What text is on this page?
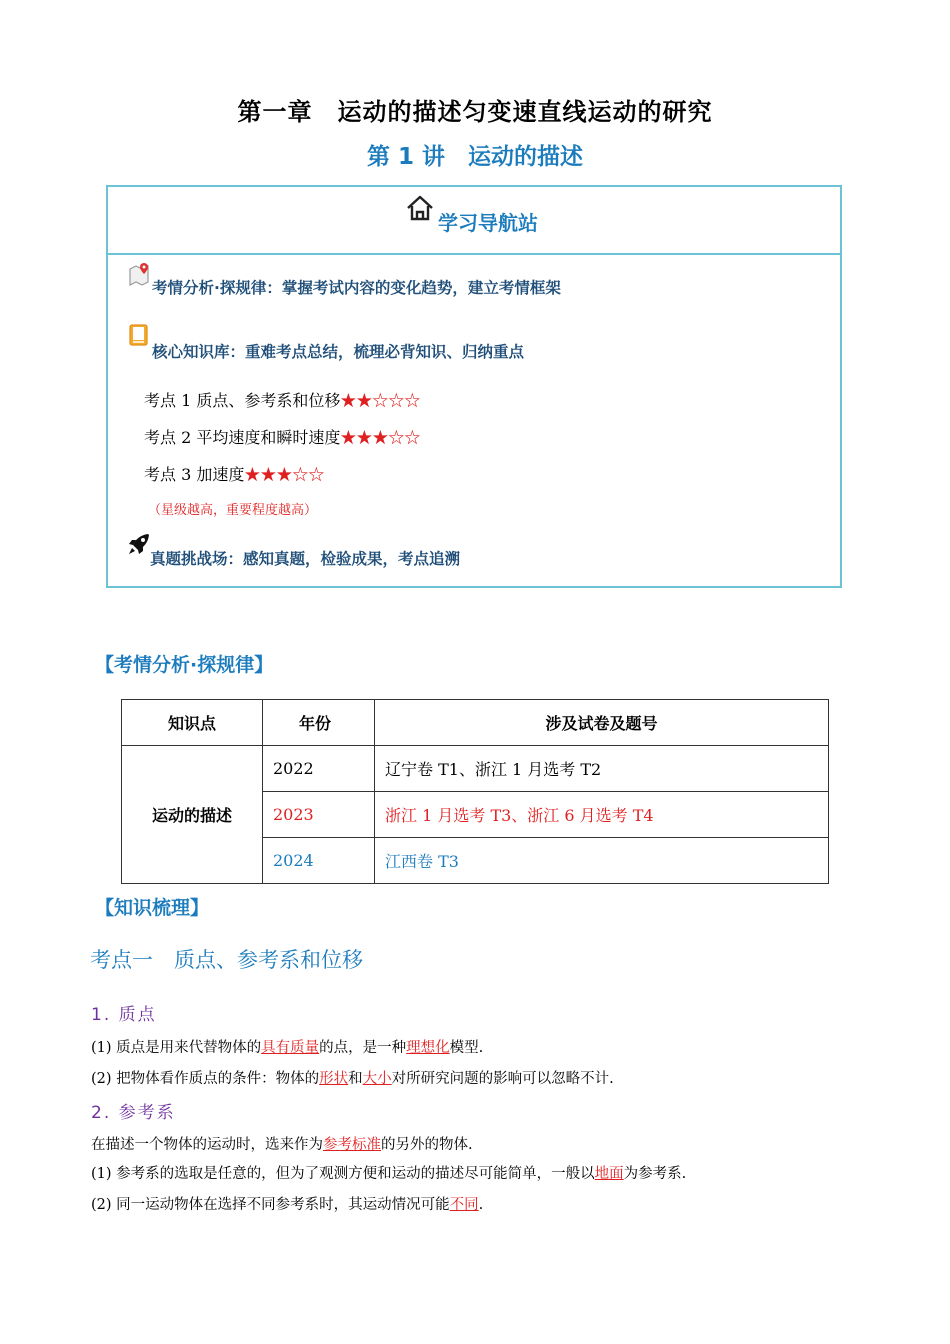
第一章　运动的描述匀变速直线运动的研究
第 1 讲　运动的描述
学习导航站
考情分析·探规律：掌握考试内容的变化趋势，建立考情框架
核心知识库：重难考点总结，梳理必背知识、归纳重点
考点 1 质点、参考系和位移★★☆☆☆
考点 2 平均速度和瞬时速度★★★☆☆
考点 3 加速度★★★☆☆
（星级越高，重要程度越高）
真题挑战场：感知真题，检验成果，考点追溯
【考情分析·探规律】
知识点	年份	涉及试卷及题号
运动的描述	2022	辽宁卷 T1、浙江 1 月选考 T2
	2023	浙江 1 月选考 T3、浙江 6 月选考 T4
	2024	江西卷 T3
【知识梳理】
考点一　质点、参考系和位移
1. 质点
(1) 质点是用来代替物体的具有质量的点，是一种理想化模型.
(2) 把物体看作质点的条件：物体的形状和大小对所研究问题的影响可以忽略不计.
2. 参考系
在描述一个物体的运动时，选来作为参考标准的另外的物体.
(1) 参考系的选取是任意的，但为了观测方便和运动的描述尽可能简单，一般以地面为参考系.
(2) 同一运动物体在选择不同参考系时，其运动情况可能不同.
